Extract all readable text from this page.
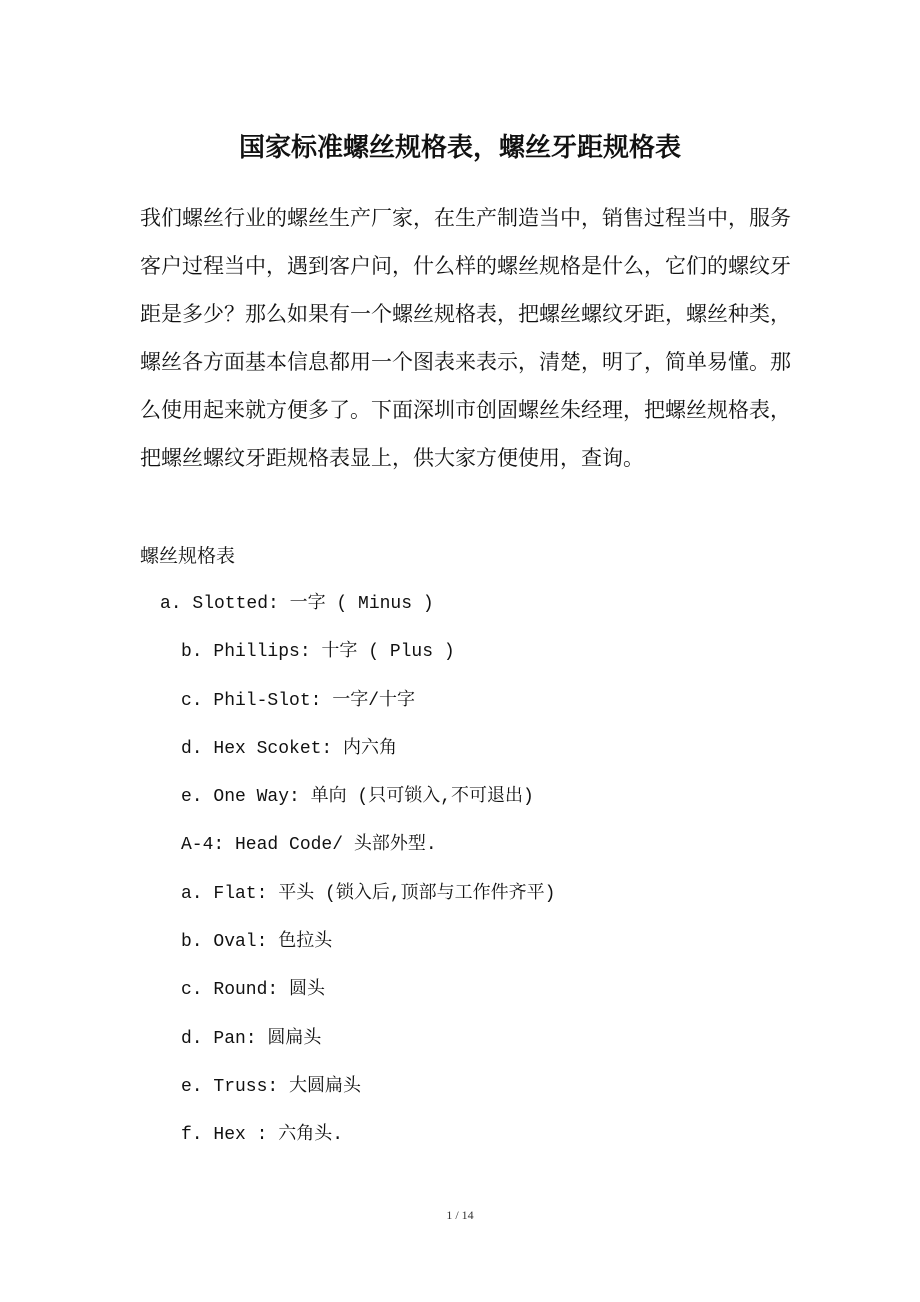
国家标准螺丝规格表，螺丝牙距规格表
我们螺丝行业的螺丝生产厂家，在生产制造当中，销售过程当中，服务
客户过程当中，遇到客户问，什么样的螺丝规格是什么，它们的螺纹牙
距是多少？那么如果有一个螺丝规格表，把螺丝螺纹牙距，螺丝种类，
螺丝各方面基本信息都用一个图表来表示，清楚，明了，简单易懂。那
么使用起来就方便多了。下面深圳市创固螺丝朱经理，把螺丝规格表，
把螺丝螺纹牙距规格表显上，供大家方便使用，查询。
螺丝规格表
a. Slotted: 一字 ( Minus )
b. Phillips: 十字 ( Plus )
c. Phil-Slot: 一字/十字
d. Hex Scoket: 内六角
e. One Way: 单向 (只可锁入,不可退出)
A-4: Head Code/ 头部外型.
a. Flat: 平头 (锁入后,顶部与工作件齐平)
b. Oval: 色拉头
c. Round: 圆头
d. Pan: 圆扁头
e. Truss: 大圆扁头
f. Hex : 六角头.
1 / 14
